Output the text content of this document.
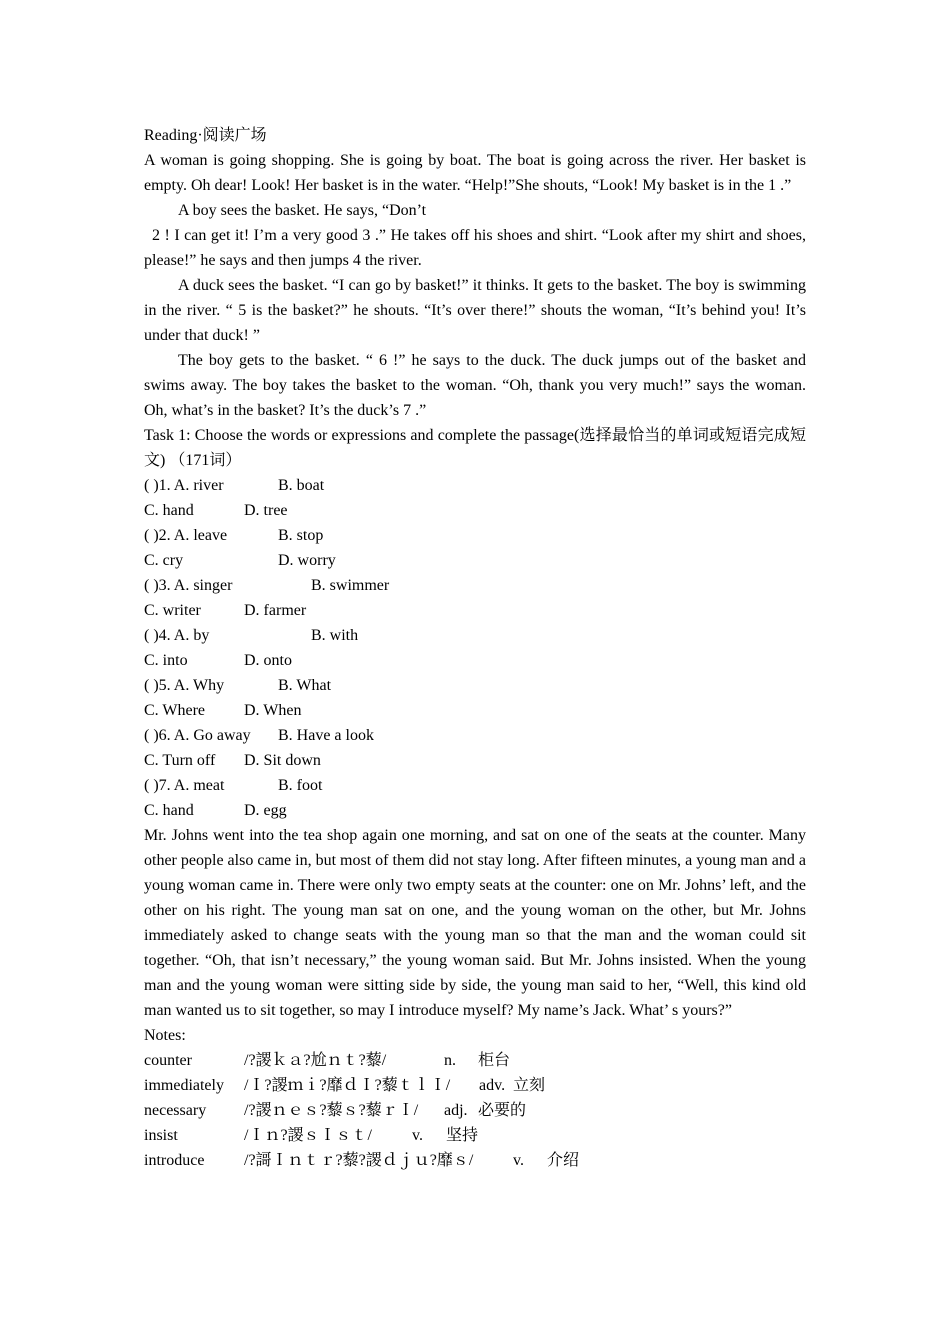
Reading·阅读广场

A woman is going shopping. She is going by boat. The boat is going across the river. Her basket is empty. Oh dear! Look! Her basket is in the water. “Help!”She shouts, “Look! My basket is in the 1 .”

A boy sees the basket. He says, “Don’t

2 ! I can get it! I’m a very good 3 .” He takes off his shoes and shirt. “Look after my shirt and shoes, please!” he says and then jumps 4 the river.

A duck sees the basket. “I can go by basket!” it thinks. It gets to the basket. The boy is swimming in the river. “ 5 is the basket?” he shouts. “It’s over there!” shouts the woman, “It’s behind you! It’s under that duck! ”

The boy gets to the basket. “ 6 !” he says to the duck. The duck jumps out of the basket and swims away. The boy takes the basket to the woman. “Oh, thank you very much!” says the woman. Oh, what’s in the basket? It’s the duck’s 7 .”

Task 1: Choose the words or expressions and complete the passage(选择最恰当的单词或短语完成短文) （171词）

( )1. A. river	B. boat
C. hand	D. tree
( )2. A. leave	B. stop
C. cry	D. worry
( )3. A. singer	B. swimmer
C. writer	D. farmer
( )4. A. by	B. with
C. into	D. onto
( )5. A. Why	B. What
C. Where	D. When
( )6. A. Go away	B. Have a look
C. Turn off	D. Sit down
( )7. A. meat	B. foot
C. hand	D. egg

Mr. Johns went into the tea shop again one morning, and sat on one of the seats at the counter. Many other people also came in, but most of them did not stay long. After fifteen minutes, a young man and a young woman came in. There were only two empty seats at the counter: one on Mr. Johns’ left, and the other on his right. The young man sat on one, and the young woman on the other, but Mr. Johns immediately asked to change seats with the young man so that the man and the woman could sit together. “Oh, that isn’t necessary,” the young woman said. But Mr. Johns insisted. When the young man and the young woman were sitting side by side, the young man said to her, “Well, this kind old man wanted us to sit together, so may I introduce myself? My name’s Jack. What’ s yours?”

Notes:

counter	/?謖ｋａ?尬ｎｔ?藜/	n.	柜台
immediately	/Ｉ?謖ｍｉ?靡ｄＩ?藜ｔｌＩ/	adv. 立刻
necessary	/?謖ｎｅｓ?藜ｓ?藜ｒＩ/	adj. 必要的
insist	/Ｉｎ?謖ｓＩｓｔ/	v.	坚持
introduce	/?謌Ｉｎｔｒ?藜?謖ｄｊｕ?靡ｓ/	v.	介绍
